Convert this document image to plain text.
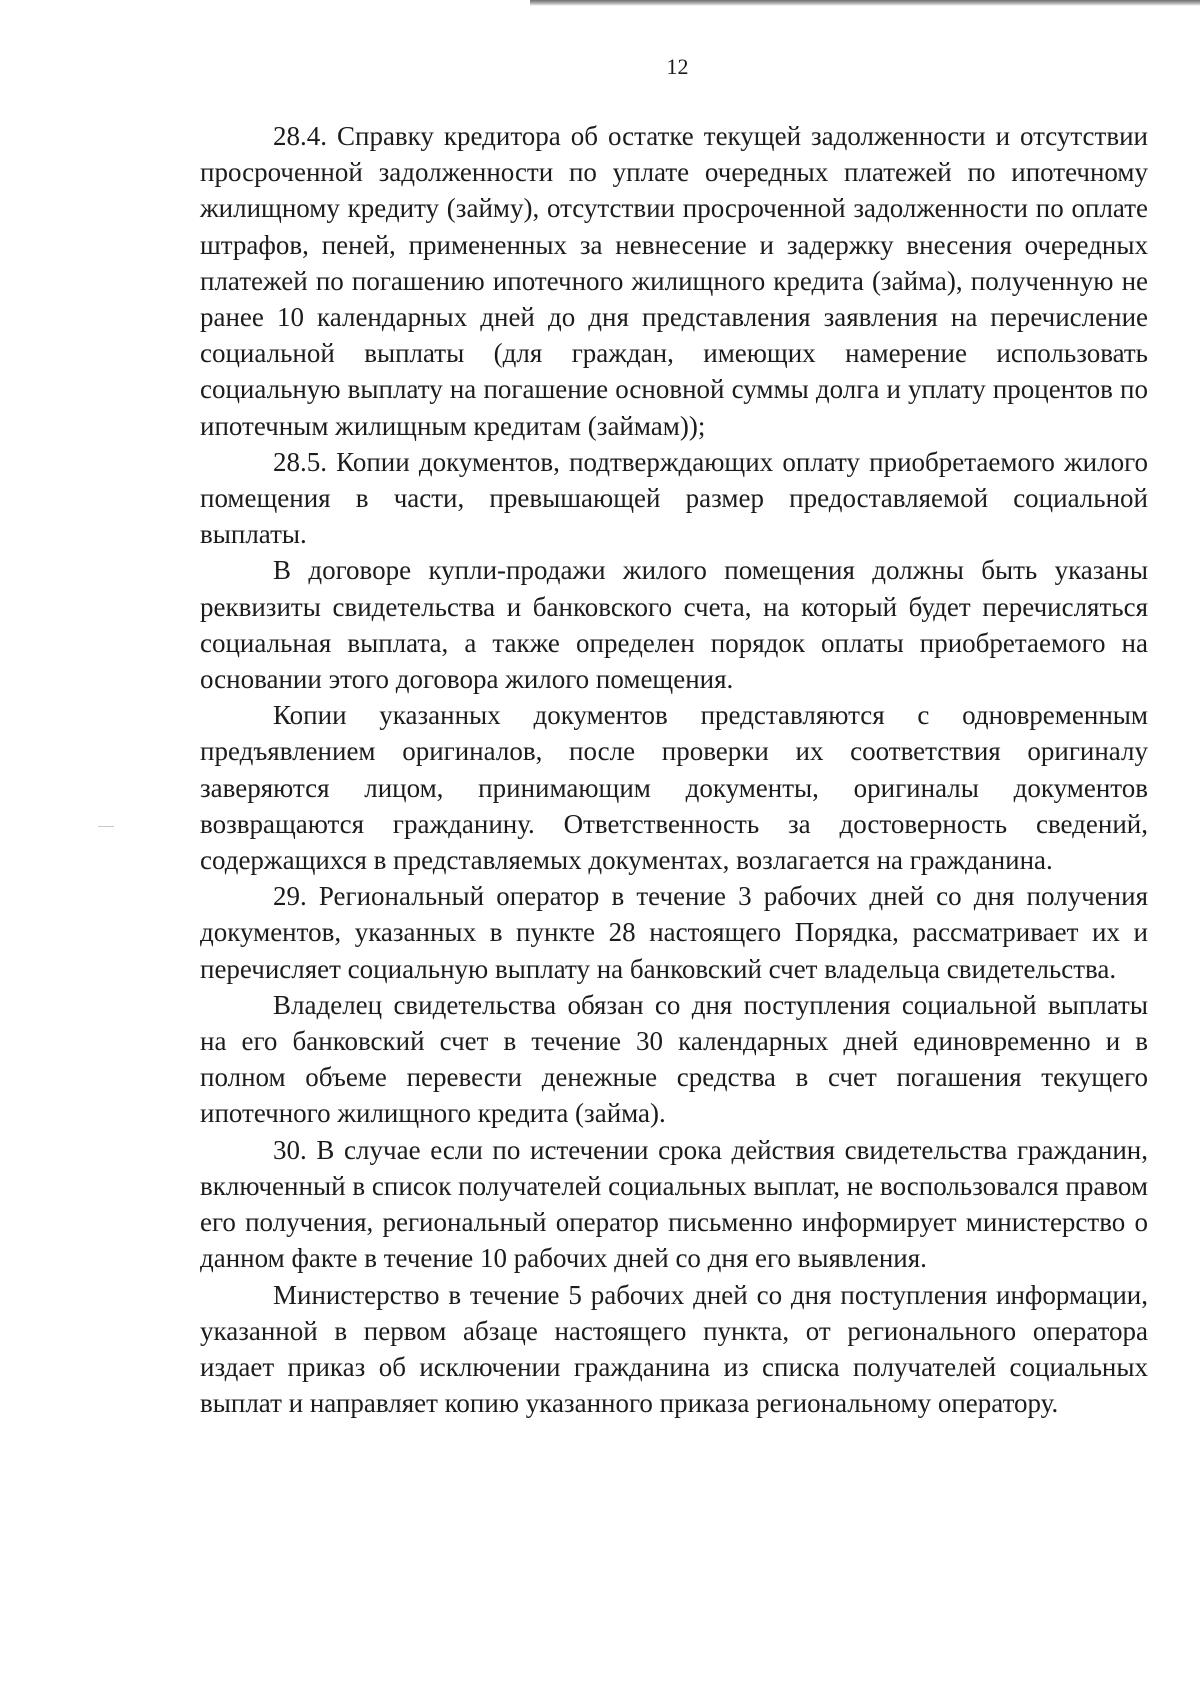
12

28.4. Справку кредитора об остатке текущей задолженности и отсутствии просроченной задолженности по уплате очередных платежей по ипотечному жилищному кредиту (займу), отсутствии просроченной задолженности по оплате штрафов, пеней, примененных за невнесение и задержку внесения очередных платежей по погашению ипотечного жилищного кредита (займа), полученную не ранее 10 календарных дней до дня представления заявления на перечисление социальной выплаты (для граждан, имеющих намерение использовать социальную выплату на погашение основной суммы долга и уплату процентов по ипотечным жилищным кредитам (займам));

28.5. Копии документов, подтверждающих оплату приобретаемого жилого помещения в части, превышающей размер предоставляемой социальной выплаты.

В договоре купли-продажи жилого помещения должны быть указаны реквизиты свидетельства и банковского счета, на который будет перечисляться социальная выплата, а также определен порядок оплаты приобретаемого на основании этого договора жилого помещения.

Копии указанных документов представляются с одновременным предъявлением оригиналов, после проверки их соответствия оригиналу заверяются лицом, принимающим документы, оригиналы документов возвращаются гражданину. Ответственность за достоверность сведений, содержащихся в представляемых документах, возлагается на гражданина.

29. Региональный оператор в течение 3 рабочих дней со дня получения документов, указанных в пункте 28 настоящего Порядка, рассматривает их и перечисляет социальную выплату на банковский счет владельца свидетельства.

Владелец свидетельства обязан со дня поступления социальной выплаты на его банковский счет в течение 30 календарных дней единовременно и в полном объеме перевести денежные средства в счет погашения текущего ипотечного жилищного кредита (займа).

30. В случае если по истечении срока действия свидетельства гражданин, включенный в список получателей социальных выплат, не воспользовался правом его получения, региональный оператор письменно информирует министерство о данном факте в течение 10 рабочих дней со дня его выявления.

Министерство в течение 5 рабочих дней со дня поступления информации, указанной в первом абзаце настоящего пункта, от регионального оператора издает приказ об исключении гражданина из списка получателей социальных выплат и направляет копию указанного приказа региональному оператору.
